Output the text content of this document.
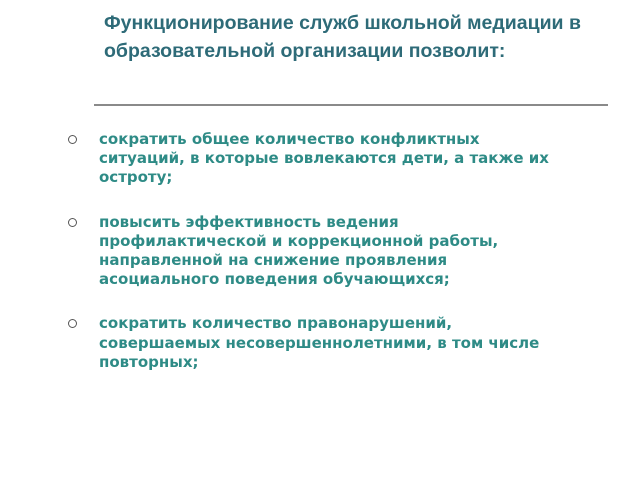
Функционирование служб школьной медиации в образовательной организации позволит:
сократить общее количество конфликтных ситуаций, в которые вовлекаются дети, а также их остроту;
повысить эффективность ведения профилактической и коррекционной работы, направленной на снижение проявления асоциального поведения обучающихся;
сократить количество правонарушений, совершаемых несовершеннолетними, в том числе повторных;
